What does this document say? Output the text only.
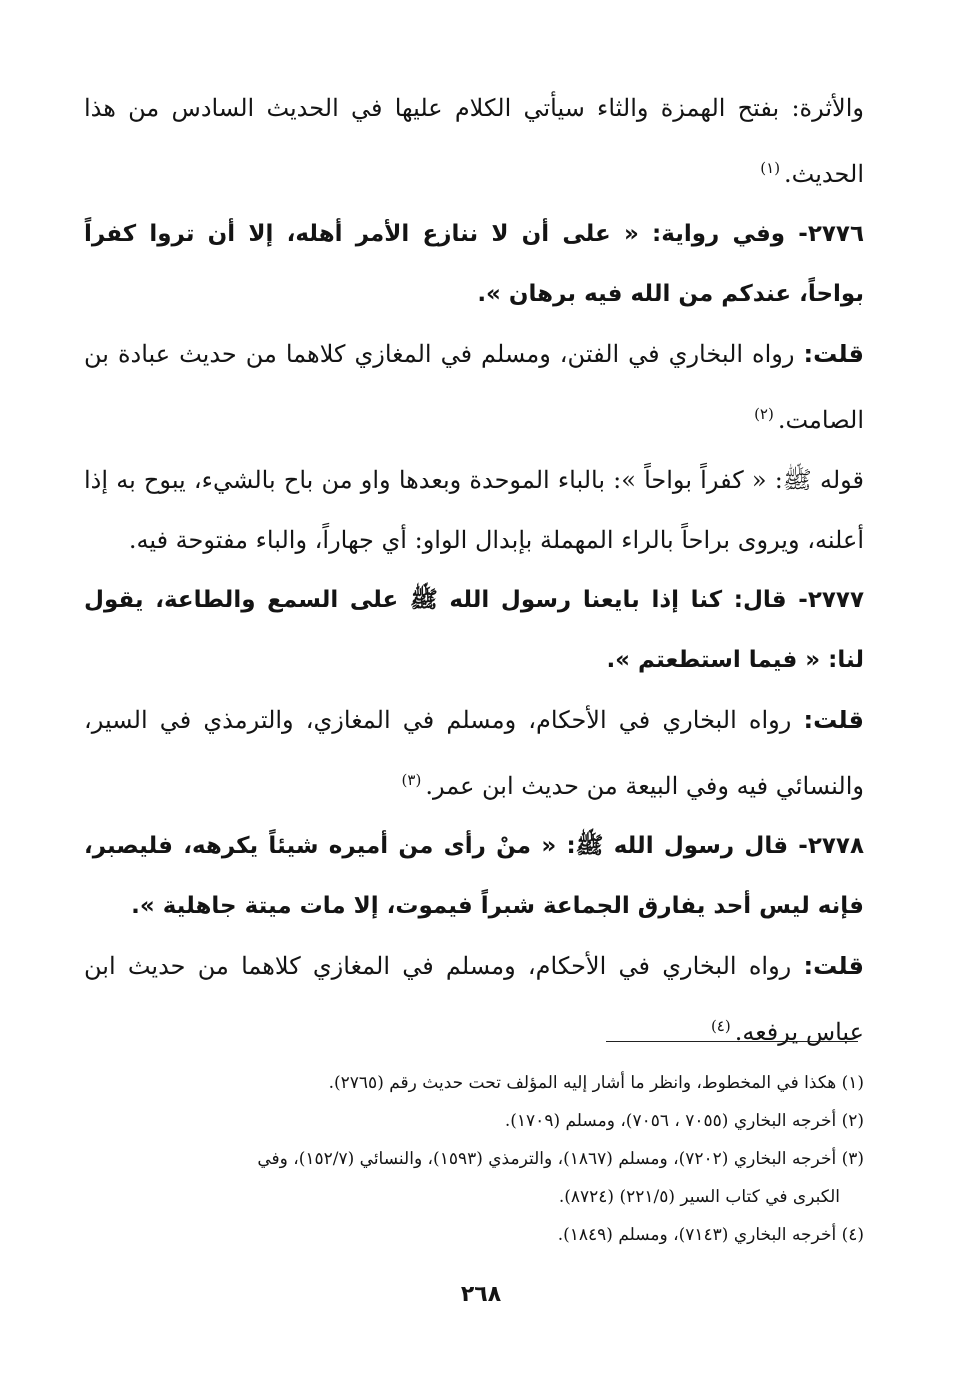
والأثرة: بفتح الهمزة والثاء سيأتي الكلام عليها في الحديث السادس من هذا الحديث.$^{(١)}$

٢٧٧٦- وفي رواية: « على أن لا ننازع الأمر أهله، إلا أن تروا كفراً بواحاً، عندكم من الله فيه برهان ».

قلت: رواه البخاري في الفتن، ومسلم في المغازي كلاهما من حديث عبادة بن الصامت.$^{(٢)}$

قوله ﷺ: « كفراً بواحاً »: بالباء الموحدة وبعدها واو من باح بالشيء، يبوح به إذا أعلنه، ويروى براحاً بالراء المهملة بإبدال الواو: أي جهاراً، والباء مفتوحة فيه.

٢٧٧٧- قال: كنا إذا بايعنا رسول الله ﷺ على السمع والطاعة، يقول لنا: « فيما استطعتم ».

قلت: رواه البخاري في الأحكام، ومسلم في المغازي، والترمذي في السير، والنسائي فيه وفي البيعة من حديث ابن عمر.$^{(٣)}$

٢٧٧٨- قال رسول الله ﷺ: « منْ رأى من أميره شيئاً يكرهه، فليصبر، فإنه ليس أحد يفارق الجماعة شبراً فيموت، إلا مات ميتة جاهلية ».

قلت: رواه البخاري في الأحكام، ومسلم في المغازي كلاهما من حديث ابن عباس يرفعه.$^{(٤)}$

(١) هكذا في المخطوط، وانظر ما أشار إليه المؤلف تحت حديث رقم (٢٧٦٥).

(٢) أخرجه البخاري (٧٠٥٥ ، ٧٠٥٦)، ومسلم (١٧٠٩).

(٣) أخرجه البخاري (٧٢٠٢)، ومسلم (١٨٦٧)، والترمذي (١٥٩٣)، والنسائي (١٥٢/٧)، وفي

الكبرى في كتاب السير (٢٢١/٥) (٨٧٢٤).

(٤) أخرجه البخاري (٧١٤٣)، ومسلم (١٨٤٩).

٢٦٨
